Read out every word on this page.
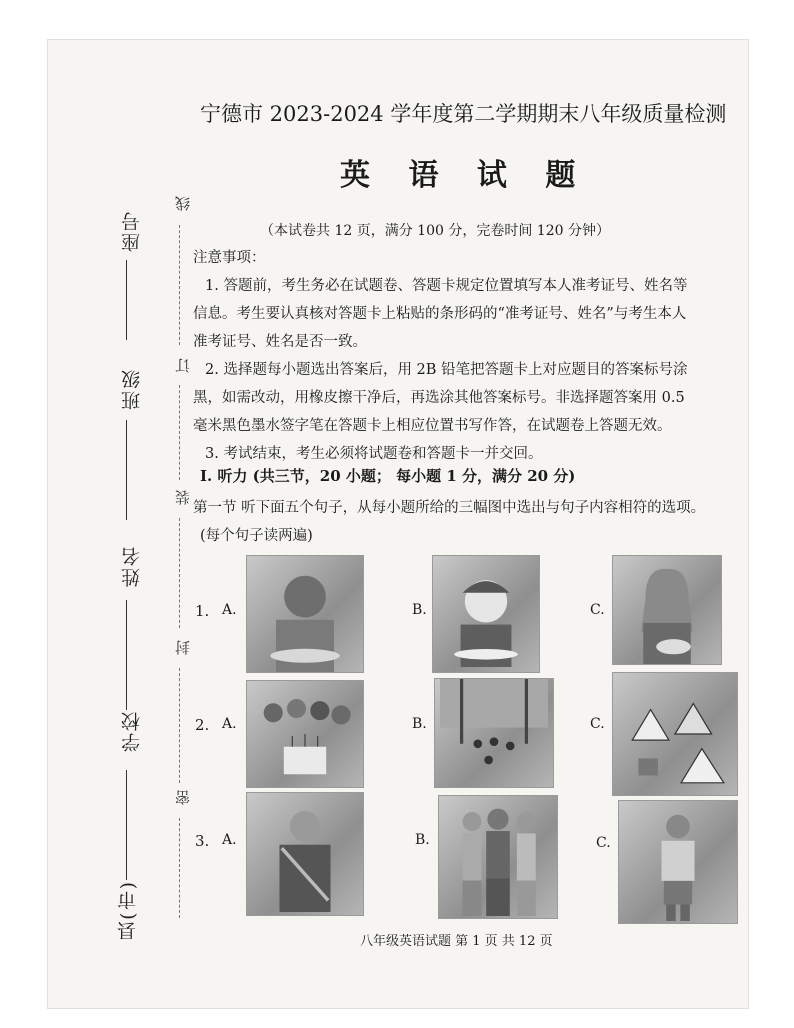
座号
班级
姓名
学校
县(市)
线
订
装
封
密
宁德市 2023-2024 学年度第二学期期末八年级质量检测
英 语 试 题
（本试卷共 12 页，满分 100 分，完卷时间 120 分钟）
注意事项：
1. 答题前，考生务必在试题卷、答题卡规定位置填写本人准考证号、姓名等
信息。考生要认真核对答题卡上粘贴的条形码的“准考证号、姓名”与考生本人
准考证号、姓名是否一致。
2. 选择题每小题选出答案后，用 2B 铅笔把答题卡上对应题目的答案标号涂
黑，如需改动，用橡皮擦干净后，再选涂其他答案标号。非选择题答案用 0.5
毫米黑色墨水签字笔在答题卡上相应位置书写作答，在试题卷上答题无效。
3. 考试结束，考生必须将试题卷和答题卡一并交回。
Ⅰ. 听力 (共三节，20 小题； 每小题 1 分，满分 20 分)
第一节 听下面五个句子，从每小题所给的三幅图中选出与句子内容相符的选项。
(每个句子读两遍)
1. A.	B.	C.
2. A.	B.	C.
3. A.	B.	C.
八年级英语试题 第 1 页 共 12 页
